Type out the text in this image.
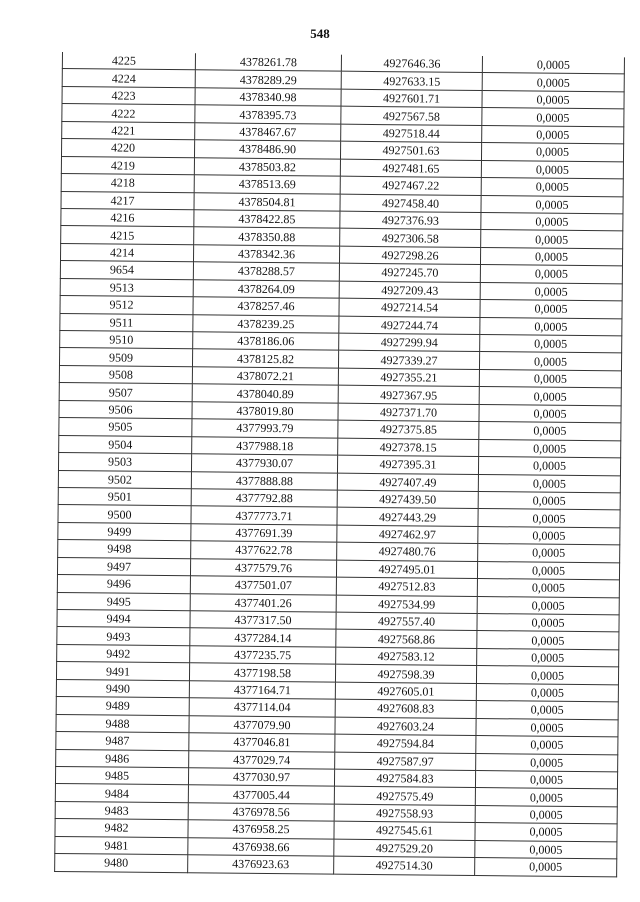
548
4225	4378261.78	4927646.36	0,0005
4224	4378289.29	4927633.15	0,0005
4223	4378340.98	4927601.71	0,0005
4222	4378395.73	4927567.58	0,0005
4221	4378467.67	4927518.44	0,0005
4220	4378486.90	4927501.63	0,0005
4219	4378503.82	4927481.65	0,0005
4218	4378513.69	4927467.22	0,0005
4217	4378504.81	4927458.40	0,0005
4216	4378422.85	4927376.93	0,0005
4215	4378350.88	4927306.58	0,0005
4214	4378342.36	4927298.26	0,0005
9654	4378288.57	4927245.70	0,0005
9513	4378264.09	4927209.43	0,0005
9512	4378257.46	4927214.54	0,0005
9511	4378239.25	4927244.74	0,0005
9510	4378186.06	4927299.94	0,0005
9509	4378125.82	4927339.27	0,0005
9508	4378072.21	4927355.21	0,0005
9507	4378040.89	4927367.95	0,0005
9506	4378019.80	4927371.70	0,0005
9505	4377993.79	4927375.85	0,0005
9504	4377988.18	4927378.15	0,0005
9503	4377930.07	4927395.31	0,0005
9502	4377888.88	4927407.49	0,0005
9501	4377792.88	4927439.50	0,0005
9500	4377773.71	4927443.29	0,0005
9499	4377691.39	4927462.97	0,0005
9498	4377622.78	4927480.76	0,0005
9497	4377579.76	4927495.01	0,0005
9496	4377501.07	4927512.83	0,0005
9495	4377401.26	4927534.99	0,0005
9494	4377317.50	4927557.40	0,0005
9493	4377284.14	4927568.86	0,0005
9492	4377235.75	4927583.12	0,0005
9491	4377198.58	4927598.39	0,0005
9490	4377164.71	4927605.01	0,0005
9489	4377114.04	4927608.83	0,0005
9488	4377079.90	4927603.24	0,0005
9487	4377046.81	4927594.84	0,0005
9486	4377029.74	4927587.97	0,0005
9485	4377030.97	4927584.83	0,0005
9484	4377005.44	4927575.49	0,0005
9483	4376978.56	4927558.93	0,0005
9482	4376958.25	4927545.61	0,0005
9481	4376938.66	4927529.20	0,0005
9480	4376923.63	4927514.30	0,0005
